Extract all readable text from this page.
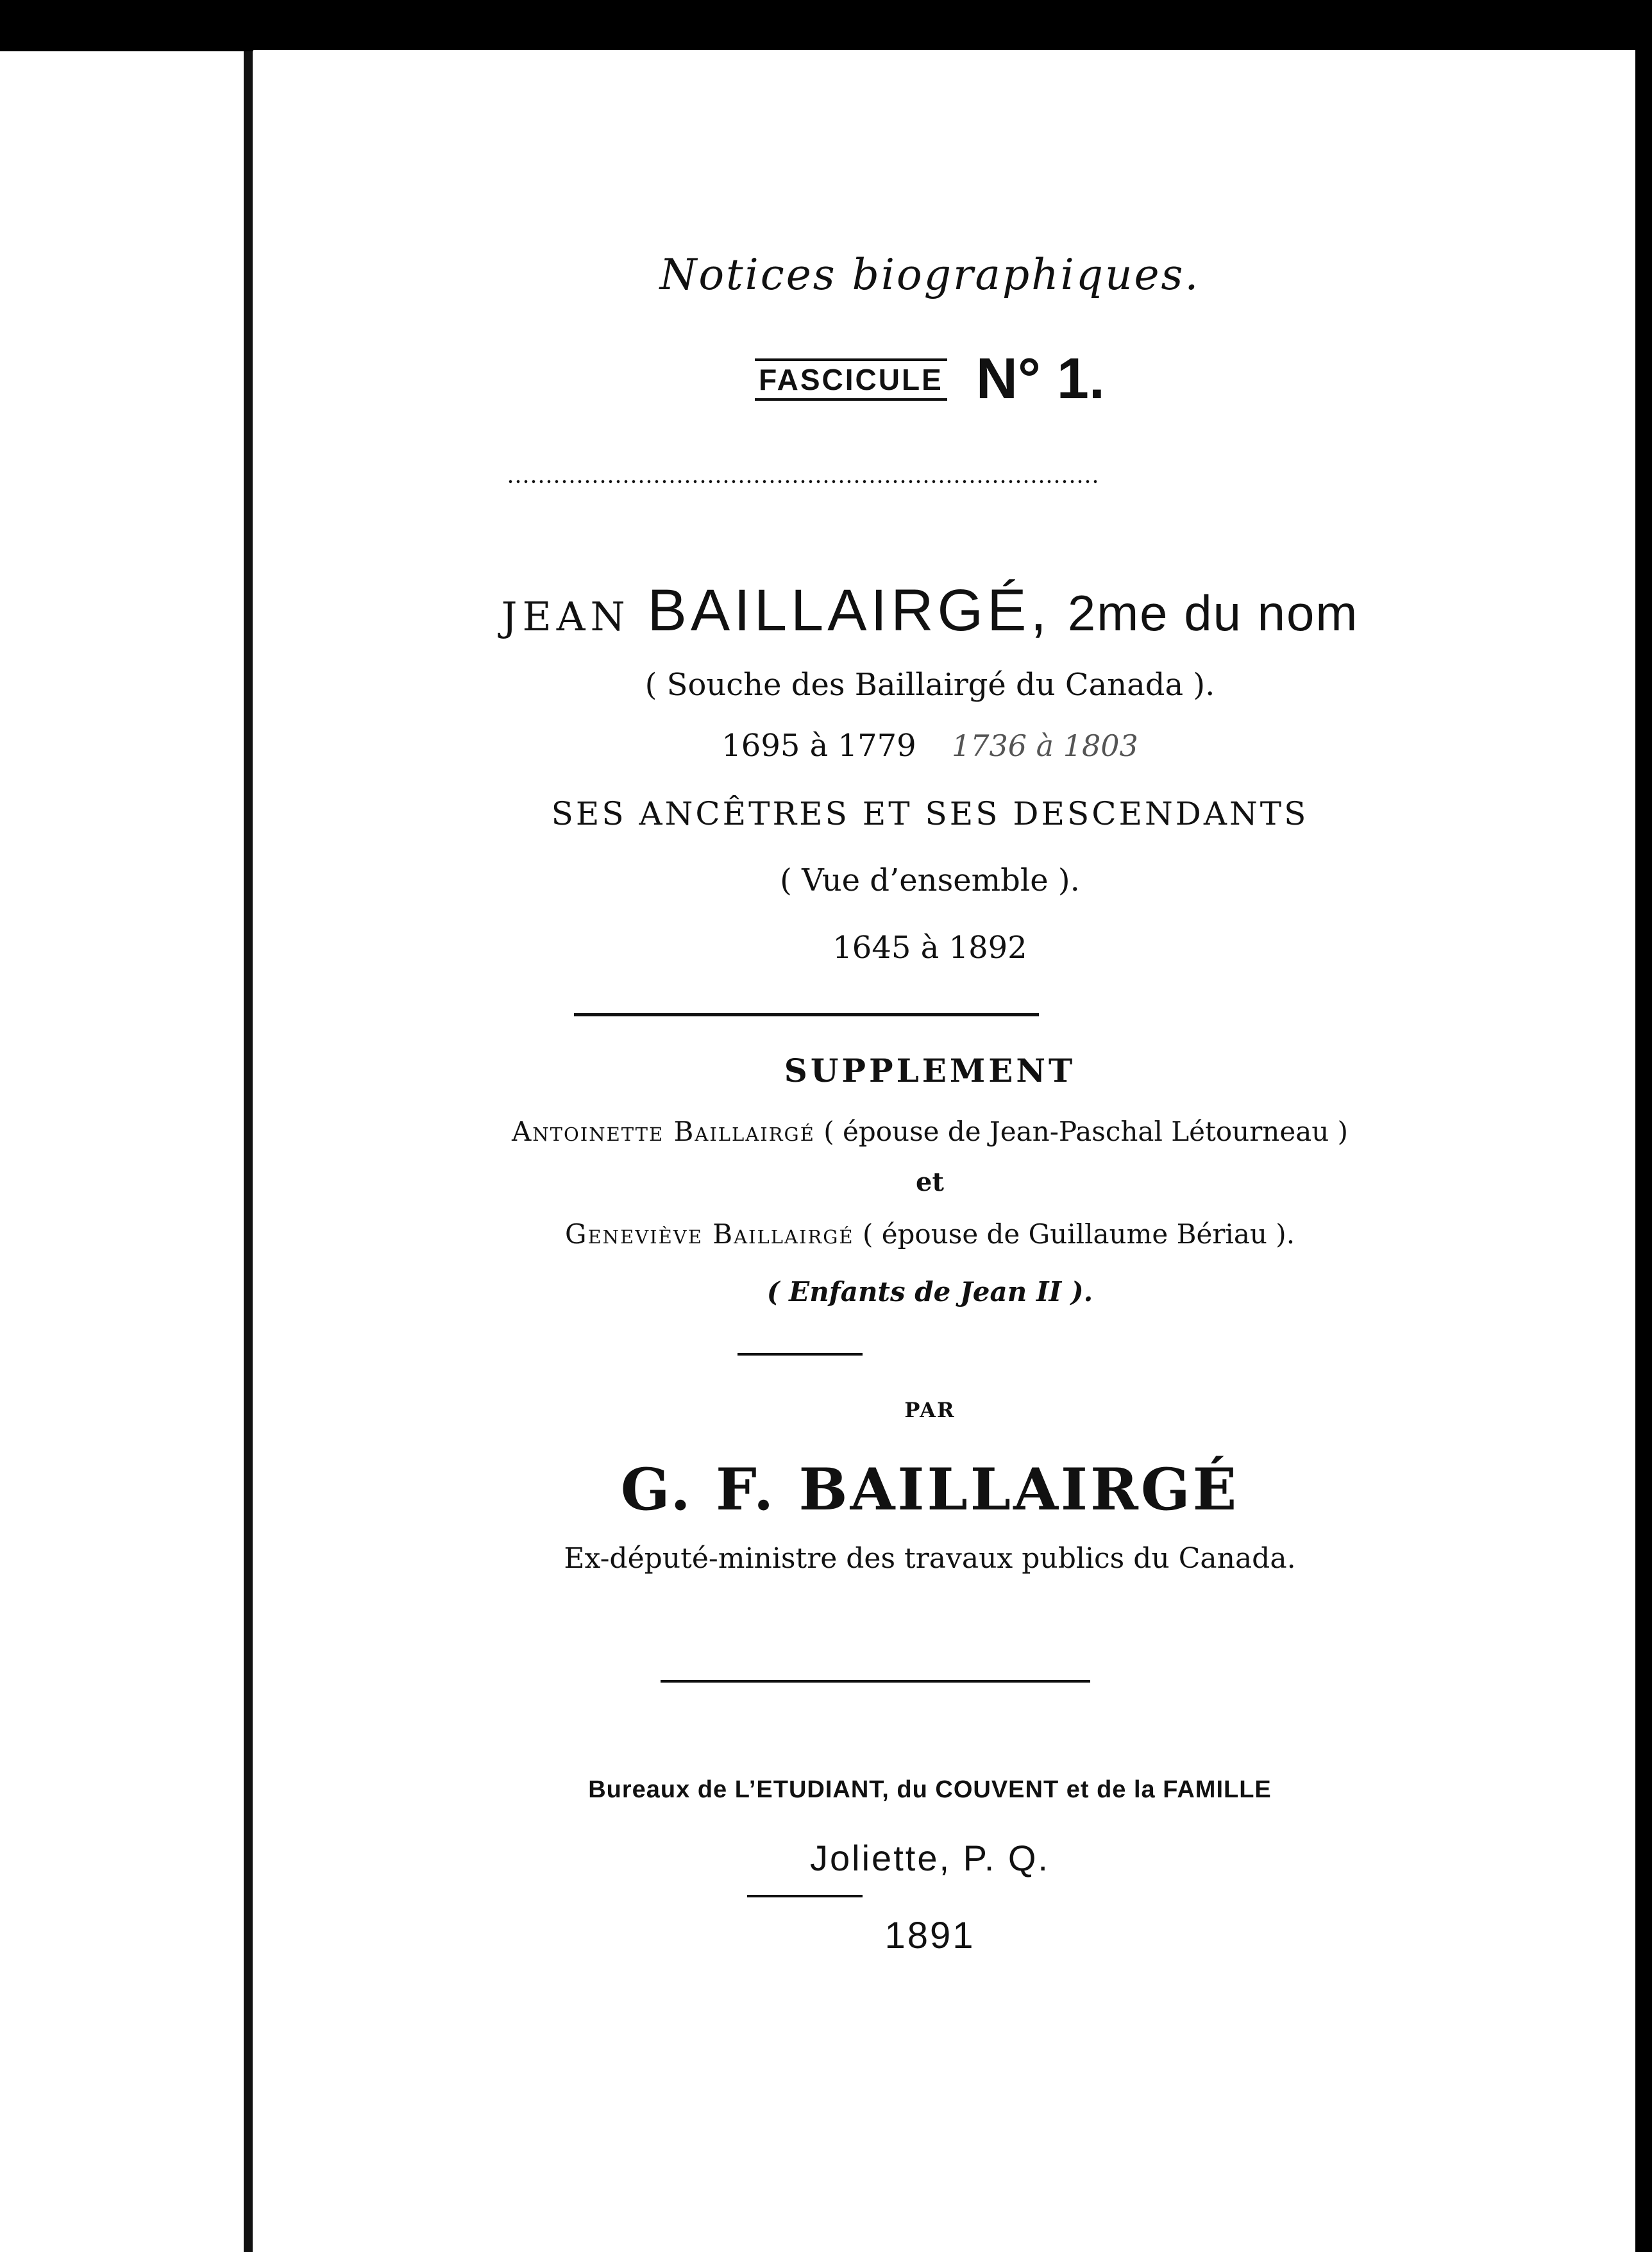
Notices biographiques.
FASCICULE N° 1.
JEAN BAILLAIRGÉ, 2me du nom
( Souche des Baillairgé du Canada ).
1695 à 1779 1736 à 1803
SES ANCÊTRES ET SES DESCENDANTS
( Vue d’ensemble ).
1645 à 1892
SUPPLEMENT
Antoinette Baillairgé ( épouse de Jean-Paschal Létourneau )
et
Geneviève Baillairgé ( épouse de Guillaume Bériau ).
( Enfants de Jean II ).
PAR
G. F. BAILLAIRGÉ
Ex-député-ministre des travaux publics du Canada.
Bureaux de L’ETUDIANT, du COUVENT et de la FAMILLE
Joliette, P. Q.
1891
